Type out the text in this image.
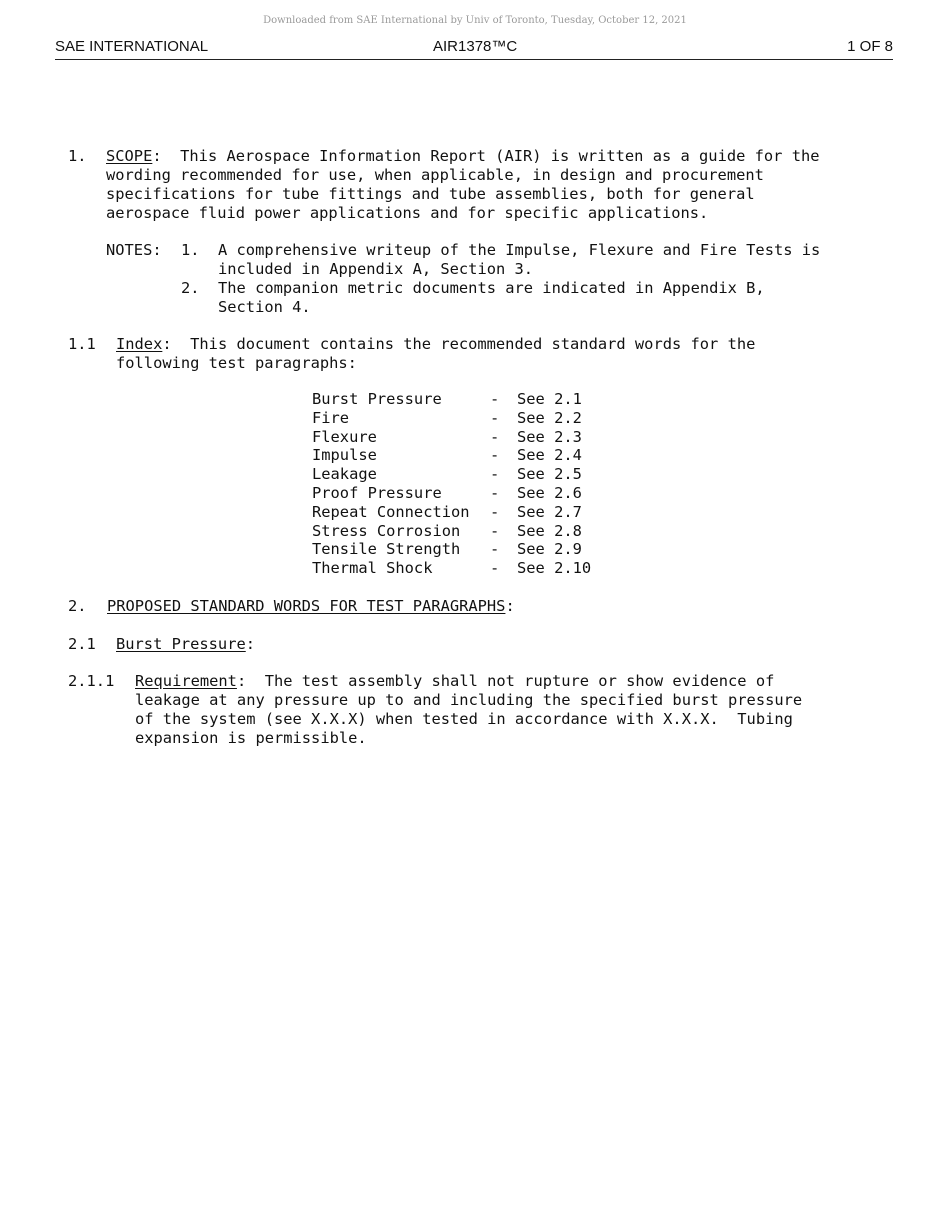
Downloaded from SAE International by Univ of Toronto, Tuesday, October 12, 2021
SAE INTERNATIONAL	AIR1378™C	1 OF 8
1. SCOPE:  This Aerospace Information Report (AIR) is written as a guide for the
wording recommended for use, when applicable, in design and procurement
specifications for tube fittings and tube assemblies, both for general
aerospace fluid power applications and for specific applications.
NOTES: 1. A comprehensive writeup of the Impulse, Flexure and Fire Tests is
included in Appendix A, Section 3.
2. The companion metric documents are indicated in Appendix B,
Section 4.
1.1 Index:  This document contains the recommended standard words for the
following test paragraphs:
Burst Pressure	-	See 2.1
Fire	-	See 2.2
Flexure	-	See 2.3
Impulse	-	See 2.4
Leakage	-	See 2.5
Proof Pressure	-	See 2.6
Repeat Connection	-	See 2.7
Stress Corrosion	-	See 2.8
Tensile Strength	-	See 2.9
Thermal Shock	-	See 2.10
2. PROPOSED STANDARD WORDS FOR TEST PARAGRAPHS:
2.1 Burst Pressure:
2.1.1 Requirement:  The test assembly shall not rupture or show evidence of
leakage at any pressure up to and including the specified burst pressure
of the system (see X.X.X) when tested in accordance with X.X.X.  Tubing
expansion is permissible.
